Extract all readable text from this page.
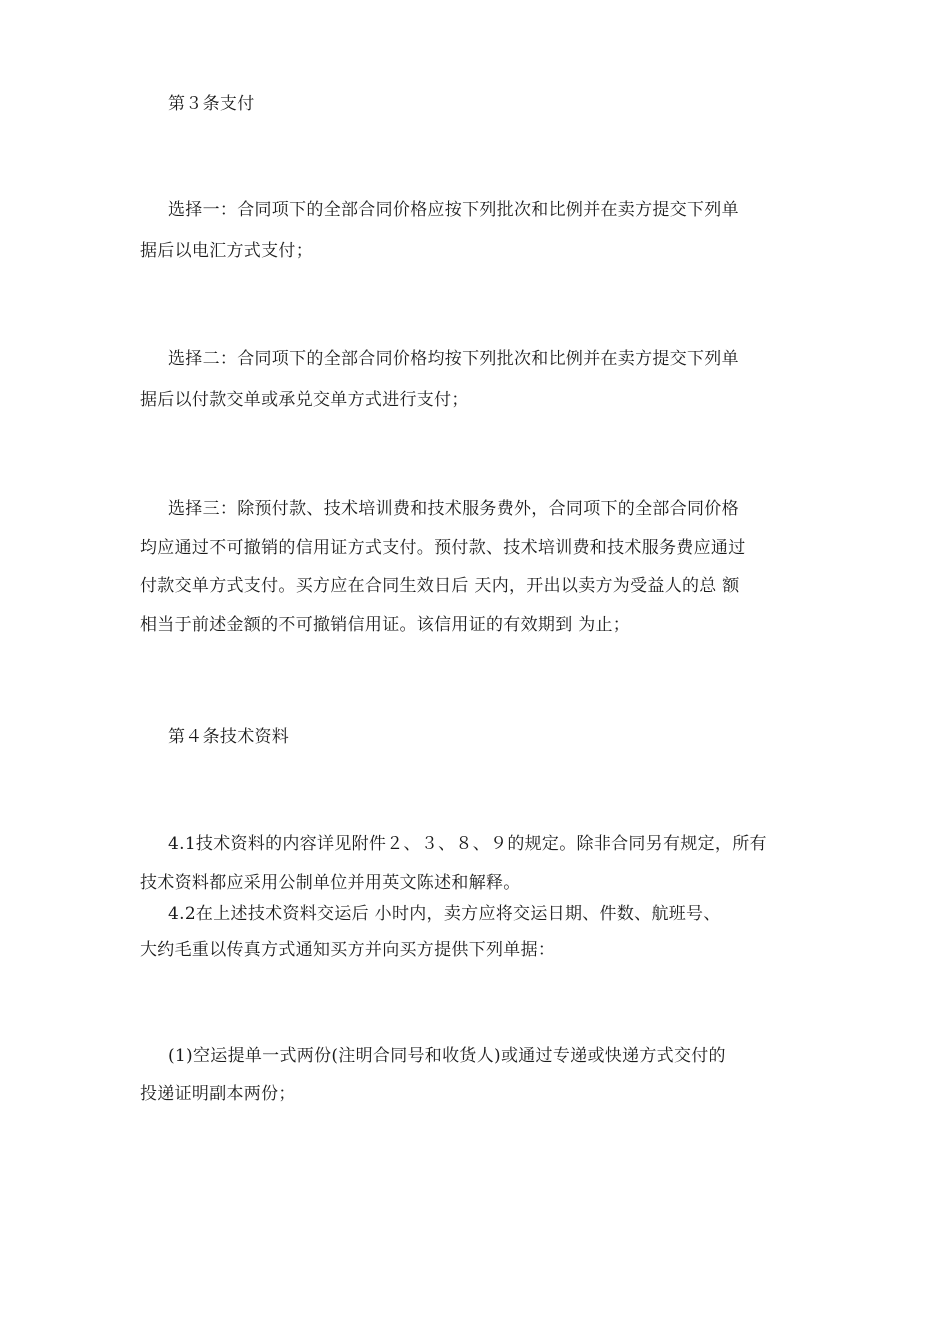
第３条支付
选择一：合同项下的全部合同价格应按下列批次和比例并在卖方提交下列单
据后以电汇方式支付；
选择二：合同项下的全部合同价格均按下列批次和比例并在卖方提交下列单
据后以付款交单或承兑交单方式进行支付；
选择三：除预付款、技术培训费和技术服务费外，合同项下的全部合同价格
均应通过不可撤销的信用证方式支付。预付款、技术培训费和技术服务费应通过
付款交单方式支付。买方应在合同生效日后 天内，开出以卖方为受益人的总 额
相当于前述金额的不可撤销信用证。该信用证的有效期到 为止；
第４条技术资料
4.1技术资料的内容详见附件２、３、８、９的规定。除非合同另有规定，所有
技术资料都应采用公制单位并用英文陈述和解释。
4.2在上述技术资料交运后 小时内，卖方应将交运日期、件数、航班号、
大约毛重以传真方式通知买方并向买方提供下列单据：
(1)空运提单一式两份(注明合同号和收货人)或通过专递或快递方式交付的
投递证明副本两份；
